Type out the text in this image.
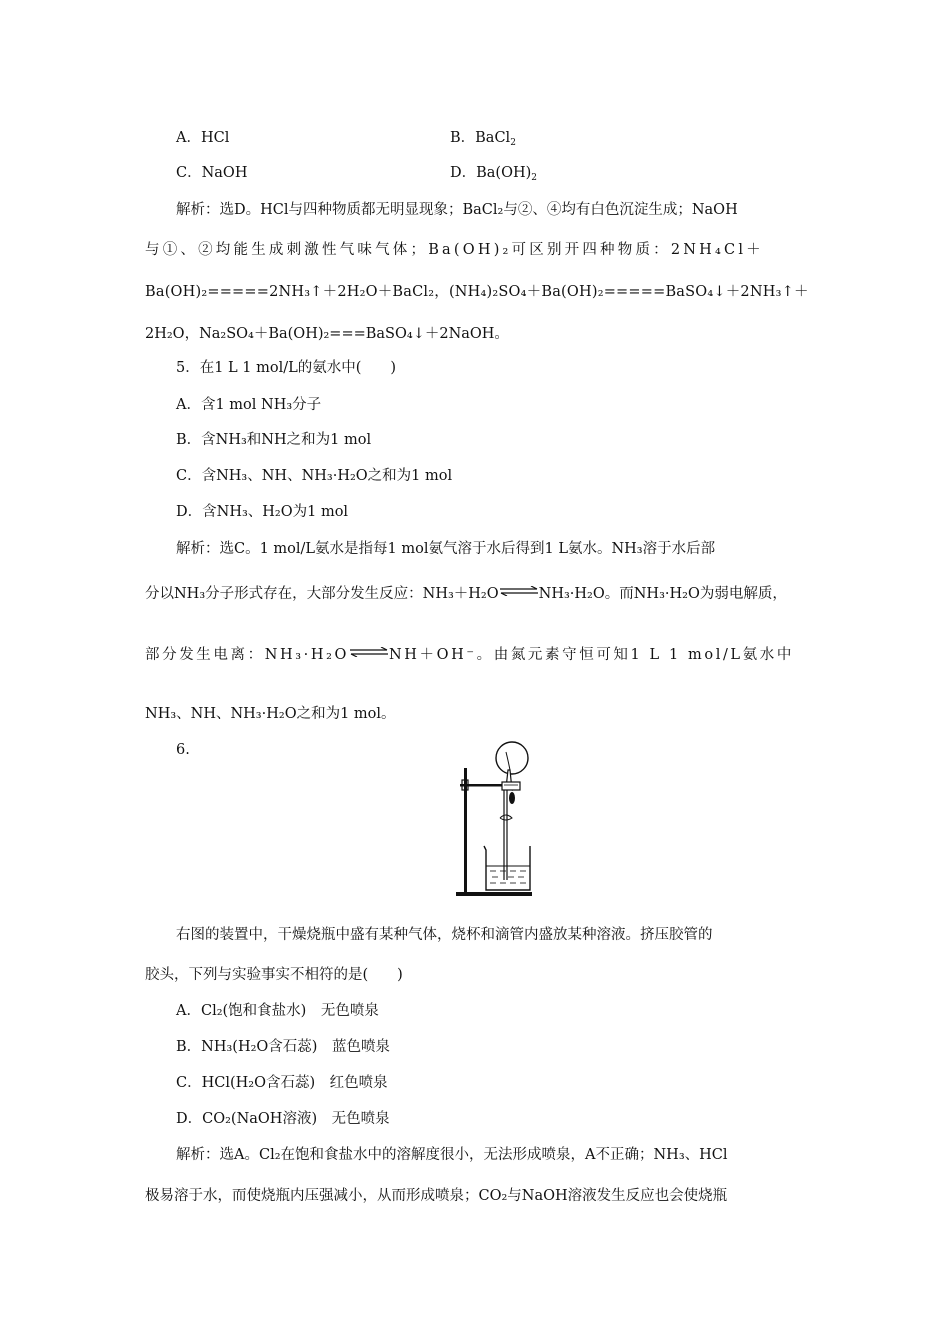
A．HCl	B．BaCl$_2$
C．NaOH	D．$Ba(OH)_2$
解析：选D。HCl与四种物质都无明显现象；BaCl₂与②、④均有白色沉淀生成；NaOH
与①、②均能生成刺激性气味气体；Ba(OH)₂可区别开四种物质：2NH₄Cl＋
Ba(OH)₂=====2NH₃↑＋2H₂O＋BaCl₂，(NH₄)₂SO₄＋Ba(OH)₂=====BaSO₄↓＋2NH₃↑＋
2H₂O，Na₂SO₄＋Ba(OH)₂===BaSO₄↓＋2NaOH。
5．在1 L 1 mol/L的氨水中(　　)
A．含1 mol NH₃分子
B．含NH₃和NH之和为1 mol
C．含NH₃、NH、NH₃·H₂O之和为1 mol
D．含NH₃、H₂O为1 mol
解析：选C。1 mol/L氨水是指每1 mol氨气溶于水后得到1 L氨水。NH₃溶于水后部
分以NH₃分子形式存在，大部分发生反应：NH₃＋H₂O⇌NH₃·H₂O。而NH₃·H₂O为弱电解质，
部分发生电离：NH₃·H₂O⇌NH＋OH⁻。由氮元素守恒可知1 L 1 mol/L氨水中
NH₃、NH、NH₃·H₂O之和为1 mol。
6.
右图的装置中，干燥烧瓶中盛有某种气体，烧杯和滴管内盛放某种溶液。挤压胶管的
胶头，下列与实验事实不相符的是(　　)
A．Cl₂(饱和食盐水)　无色喷泉
B．NH₃(H₂O含石蕊)　蓝色喷泉
C．HCl(H₂O含石蕊)　红色喷泉
D．CO₂(NaOH溶液)　无色喷泉
解析：选A。Cl₂在饱和食盐水中的溶解度很小，无法形成喷泉，A不正确；NH₃、HCl
极易溶于水，而使烧瓶内压强减小，从而形成喷泉；CO₂与NaOH溶液发生反应也会使烧瓶
